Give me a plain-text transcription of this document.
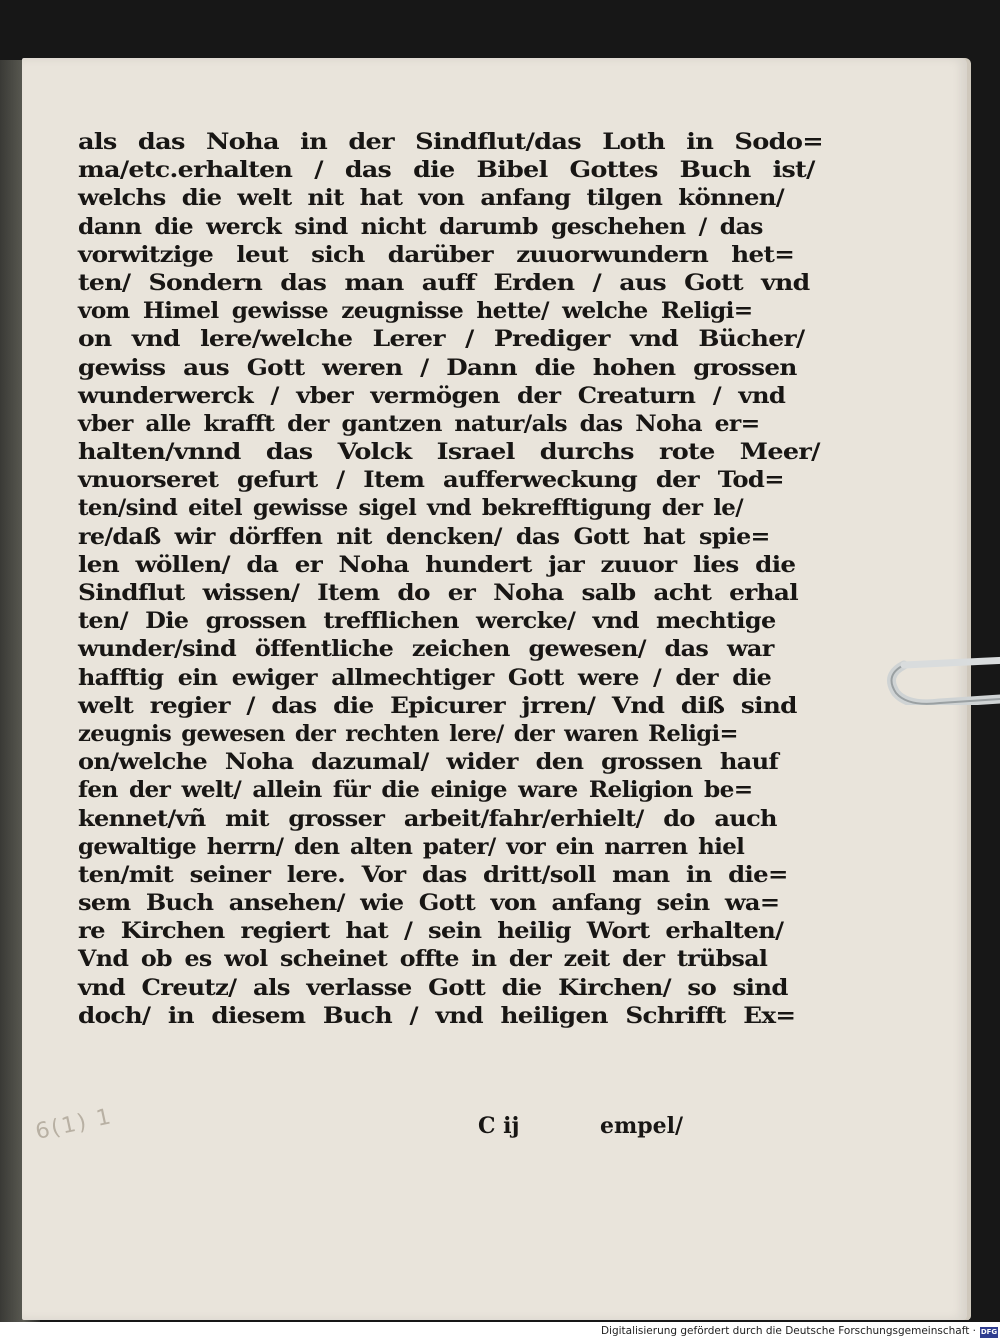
als das Noha in der Sindflut/das Loth in Sodo=
ma/etc.erhalten / das die Bibel Gottes Buch ist/
welchs die welt nit hat von anfang tilgen können/
dann die werck sind nicht darumb geschehen / das
vorwitzige leut sich darüber zuuorwundern het=
ten/ Sondern das man auff Erden / aus Gott vnd
vom Himel gewisse zeugnisse hette/ welche Religi=
on vnd lere/welche Lerer / Prediger vnd Bücher/
gewiss aus Gott weren / Dann die hohen grossen
wunderwerck / vber vermögen der Creaturn / vnd
vber alle krafft der gantzen natur/als das Noha er=
halten/vnnd das Volck Israel durchs rote Meer/
vnuorseret gefurt / Item aufferweckung der Tod=
ten/sind eitel gewisse sigel vnd bekrefftigung der le/
re/daß wir dörffen nit dencken/ das Gott hat spie=
len wöllen/ da er Noha hundert jar zuuor lies die
Sindflut wissen/ Item do er Noha salb acht erhal
ten/ Die grossen trefflichen wercke/ vnd mechtige
wunder/sind öffentliche zeichen gewesen/ das war
hafftig ein ewiger allmechtiger Gott were / der die
welt regier / das die Epicurer jrren/ Vnd diß sind
zeugnis gewesen der rechten lere/ der waren Religi=
on/welche Noha dazumal/ wider den grossen hauf
fen der welt/ allein für die einige ware Religion be=
kennet/vñ mit grosser arbeit/fahr/erhielt/ do auch
gewaltige herrn/ den alten pater/ vor ein narren hiel
ten/mit seiner lere. Vor das dritt/soll man in die=
sem Buch ansehen/ wie Gott von anfang sein wa=
re Kirchen regiert hat / sein heilig Wort erhalten/
Vnd ob es wol scheinet offte in der zeit der trübsal
vnd Creutz/ als verlasse Gott die Kirchen/ so sind
doch/ in diesem Buch / vnd heiligen Schrifft Ex=
6(1) 1	C ij	empel/
Digitalisierung gefördert durch die Deutsche Forschungsgemeinschaft · DFG
